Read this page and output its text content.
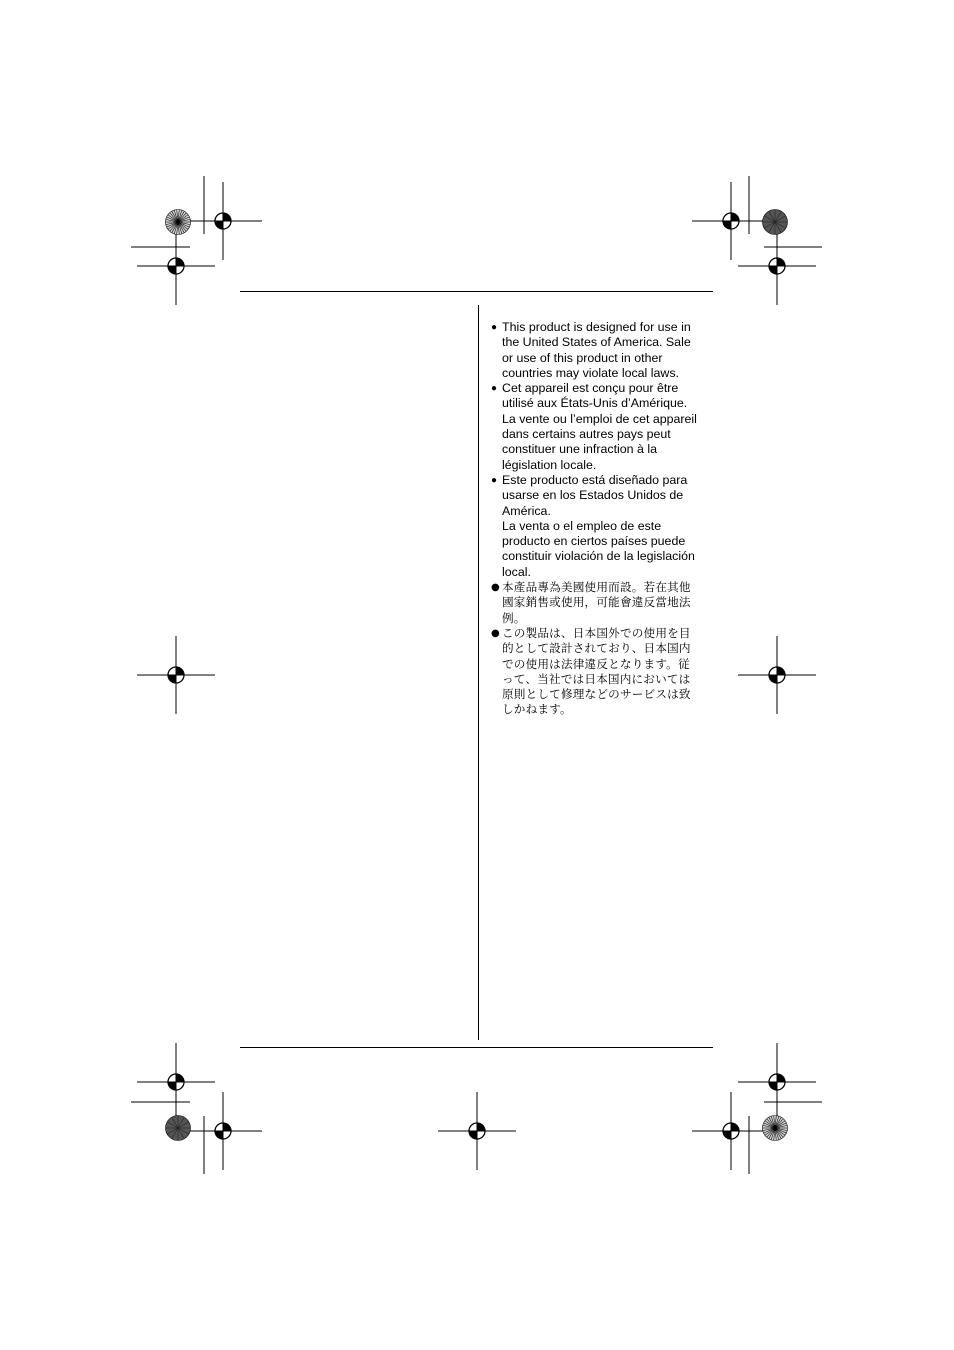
● This product is designed for use in
the United States of America. Sale
or use of this product in other
countries may violate local laws.

● Cet appareil est conçu pour être
utilisé aux États-Unis d’Amérique.
La vente ou l’emploi de cet appareil
dans certains autres pays peut
constituer une infraction à la
législation locale.

● Este producto está diseñado para
usarse en los Estados Unidos de
América.
La venta o el empleo de este
producto en ciertos países puede
constituir violación de la legislación
local.

● 本產品專為美國使用而設。若在其他
國家銷售或使用，可能會違反當地法
例。

● この製品は、日本国外での使用を目
的として設計されており、日本国内
での使用は法律違反となります。従
って、当社では日本国内においては
原則として修理などのサービスは致
しかねます。
